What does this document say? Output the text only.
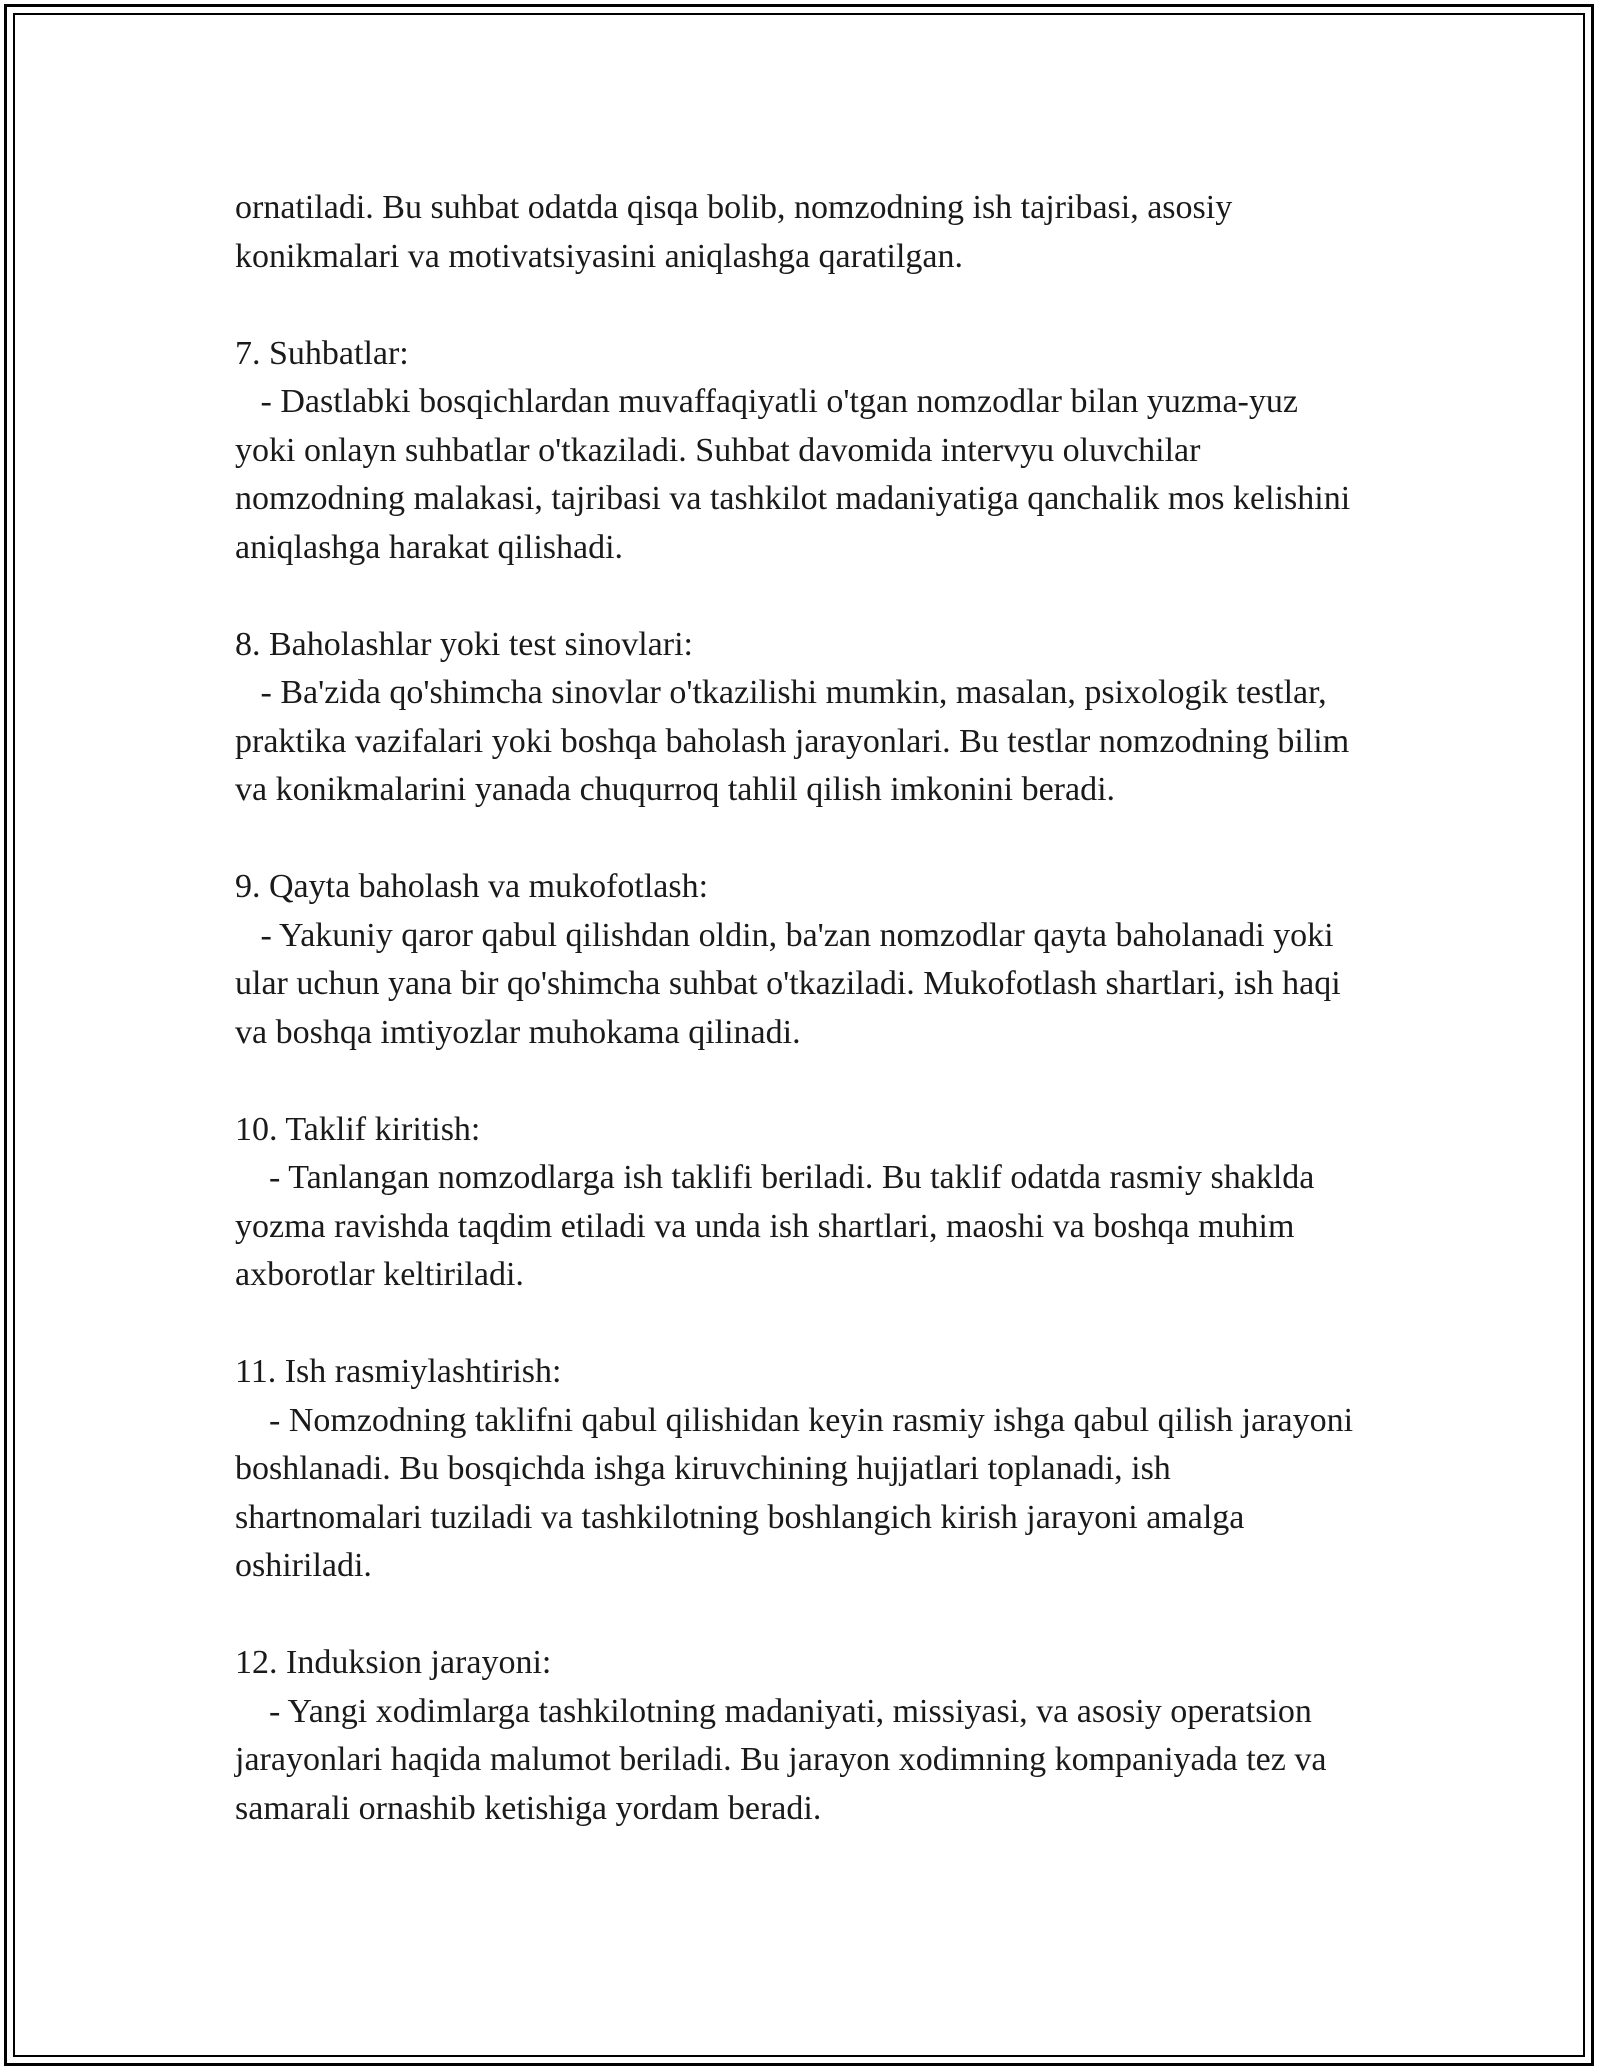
ornatiladi. Bu suhbat odatda qisqa bolib, nomzodning ish tajribasi, asosiy konikmalari va motivatsiyasini aniqlashga qaratilgan.

7. Suhbatlar:

- Dastlabki bosqichlardan muvaffaqiyatli o'tgan nomzodlar bilan yuzma-yuz yoki onlayn suhbatlar o'tkaziladi. Suhbat davomida intervyu oluvchilar nomzodning malakasi, tajribasi va tashkilot madaniyatiga qanchalik mos kelishini aniqlashga harakat qilishadi.

8. Baholashlar yoki test sinovlari:

- Ba'zida qo'shimcha sinovlar o'tkazilishi mumkin, masalan, psixologik testlar, praktika vazifalari yoki boshqa baholash jarayonlari. Bu testlar nomzodning bilim va konikmalarini yanada chuqurroq tahlil qilish imkonini beradi.

9. Qayta baholash va mukofotlash:

- Yakuniy qaror qabul qilishdan oldin, ba'zan nomzodlar qayta baholanadi yoki ular uchun yana bir qo'shimcha suhbat o'tkaziladi. Mukofotlash shartlari, ish haqi va boshqa imtiyozlar muhokama qilinadi.

10. Taklif kiritish:

- Tanlangan nomzodlarga ish taklifi beriladi. Bu taklif odatda rasmiy shaklda yozma ravishda taqdim etiladi va unda ish shartlari, maoshi va boshqa muhim axborotlar keltiriladi.

11. Ish rasmiylashtirish:

- Nomzodning taklifni qabul qilishidan keyin rasmiy ishga qabul qilish jarayoni boshlanadi. Bu bosqichda ishga kiruvchining hujjatlari toplanadi, ish shartnomalari tuziladi va tashkilotning boshlangich kirish jarayoni amalga oshiriladi.

12. Induksion jarayoni:

- Yangi xodimlarga tashkilotning madaniyati, missiyasi, va asosiy operatsion jarayonlari haqida malumot beriladi. Bu jarayon xodimning kompaniyada tez va samarali ornashib ketishiga yordam beradi.
